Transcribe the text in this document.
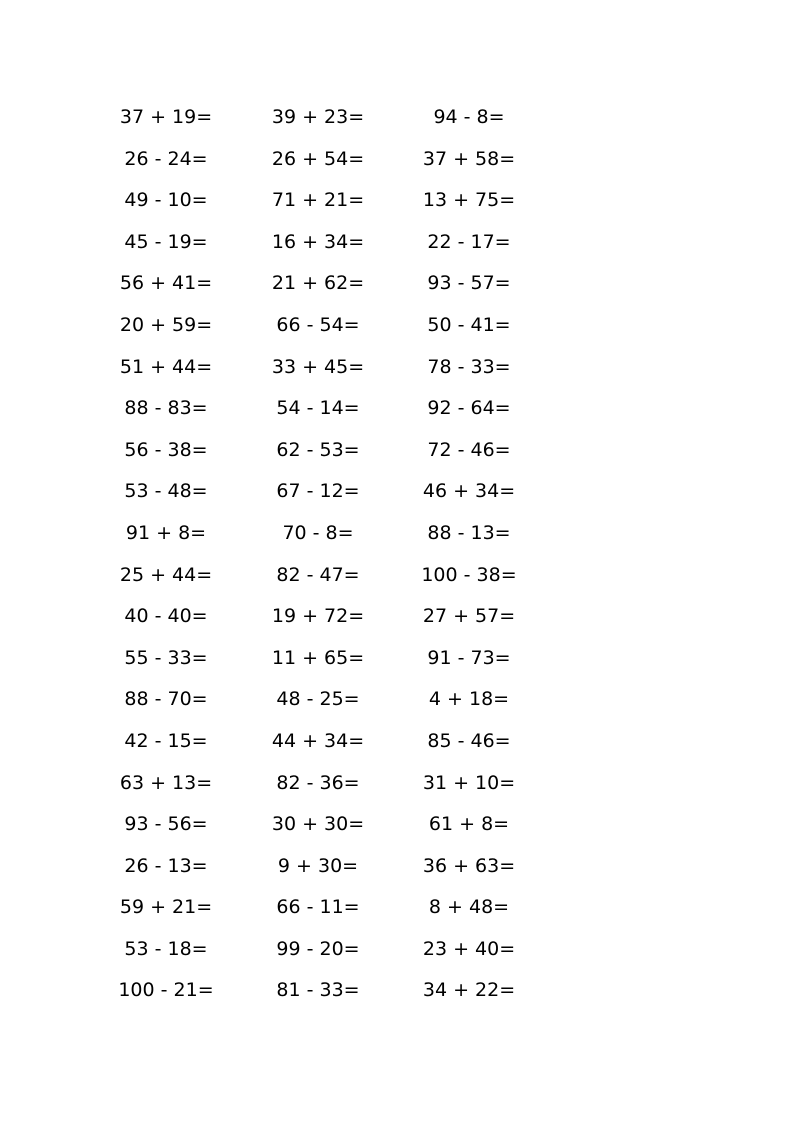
37 + 19=	39 + 23=	94 - 8=
26 - 24=	26 + 54=	37 + 58=
49 - 10=	71 + 21=	13 + 75=
45 - 19=	16 + 34=	22 - 17=
56 + 41=	21 + 62=	93 - 57=
20 + 59=	66 - 54=	50 - 41=
51 + 44=	33 + 45=	78 - 33=
88 - 83=	54 - 14=	92 - 64=
56 - 38=	62 - 53=	72 - 46=
53 - 48=	67 - 12=	46 + 34=
91 + 8=	70 - 8=	88 - 13=
25 + 44=	82 - 47=	100 - 38=
40 - 40=	19 + 72=	27 + 57=
55 - 33=	11 + 65=	91 - 73=
88 - 70=	48 - 25=	4 + 18=
42 - 15=	44 + 34=	85 - 46=
63 + 13=	82 - 36=	31 + 10=
93 - 56=	30 + 30=	61 + 8=
26 - 13=	9 + 30=	36 + 63=
59 + 21=	66 - 11=	8 + 48=
53 - 18=	99 - 20=	23 + 40=
100 - 21=	81 - 33=	34 + 22=
